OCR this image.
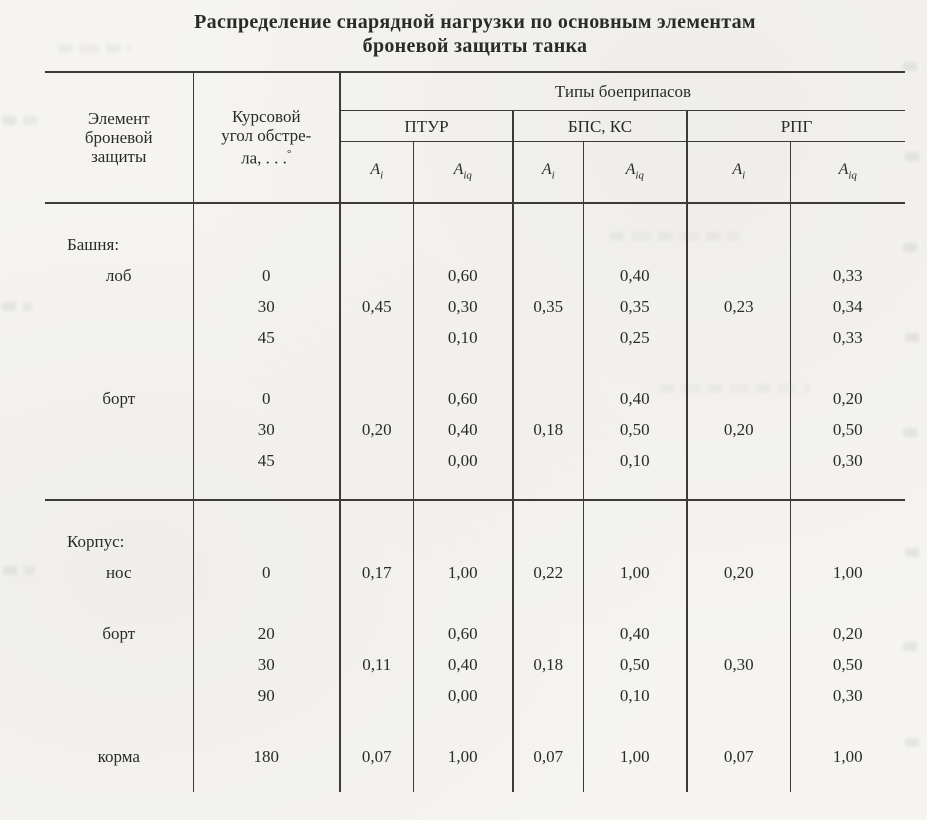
Распределение снарядной нагрузки по основным элементам
броневой защиты танка
Элемент
броневой
защиты	Курсовой
угол обстре-
ла, . . .°	Типы боеприпасов					
		ПТУР		БПС, КС		РПГ	
		$A_i$	$A_{iq}$	$A_i$	$A_{iq}$	$A_i$	$A_{iq}$
Башня:							
лоб	0		0,60		0,40		0,33
	30	0,45	0,30	0,35	0,35	0,23	0,34
	45		0,10		0,25		0,33

борт	0		0,60		0,40		0,20
	30	0,20	0,40	0,18	0,50	0,20	0,50
	45		0,00		0,10		0,30

Корпус:							
нос	0	0,17	1,00	0,22	1,00	0,20	1,00

борт	20		0,60		0,40		0,20
	30	0,11	0,40	0,18	0,50	0,30	0,50
	90		0,00		0,10		0,30

корма	180	0,07	1,00	0,07	1,00	0,07	1,00
